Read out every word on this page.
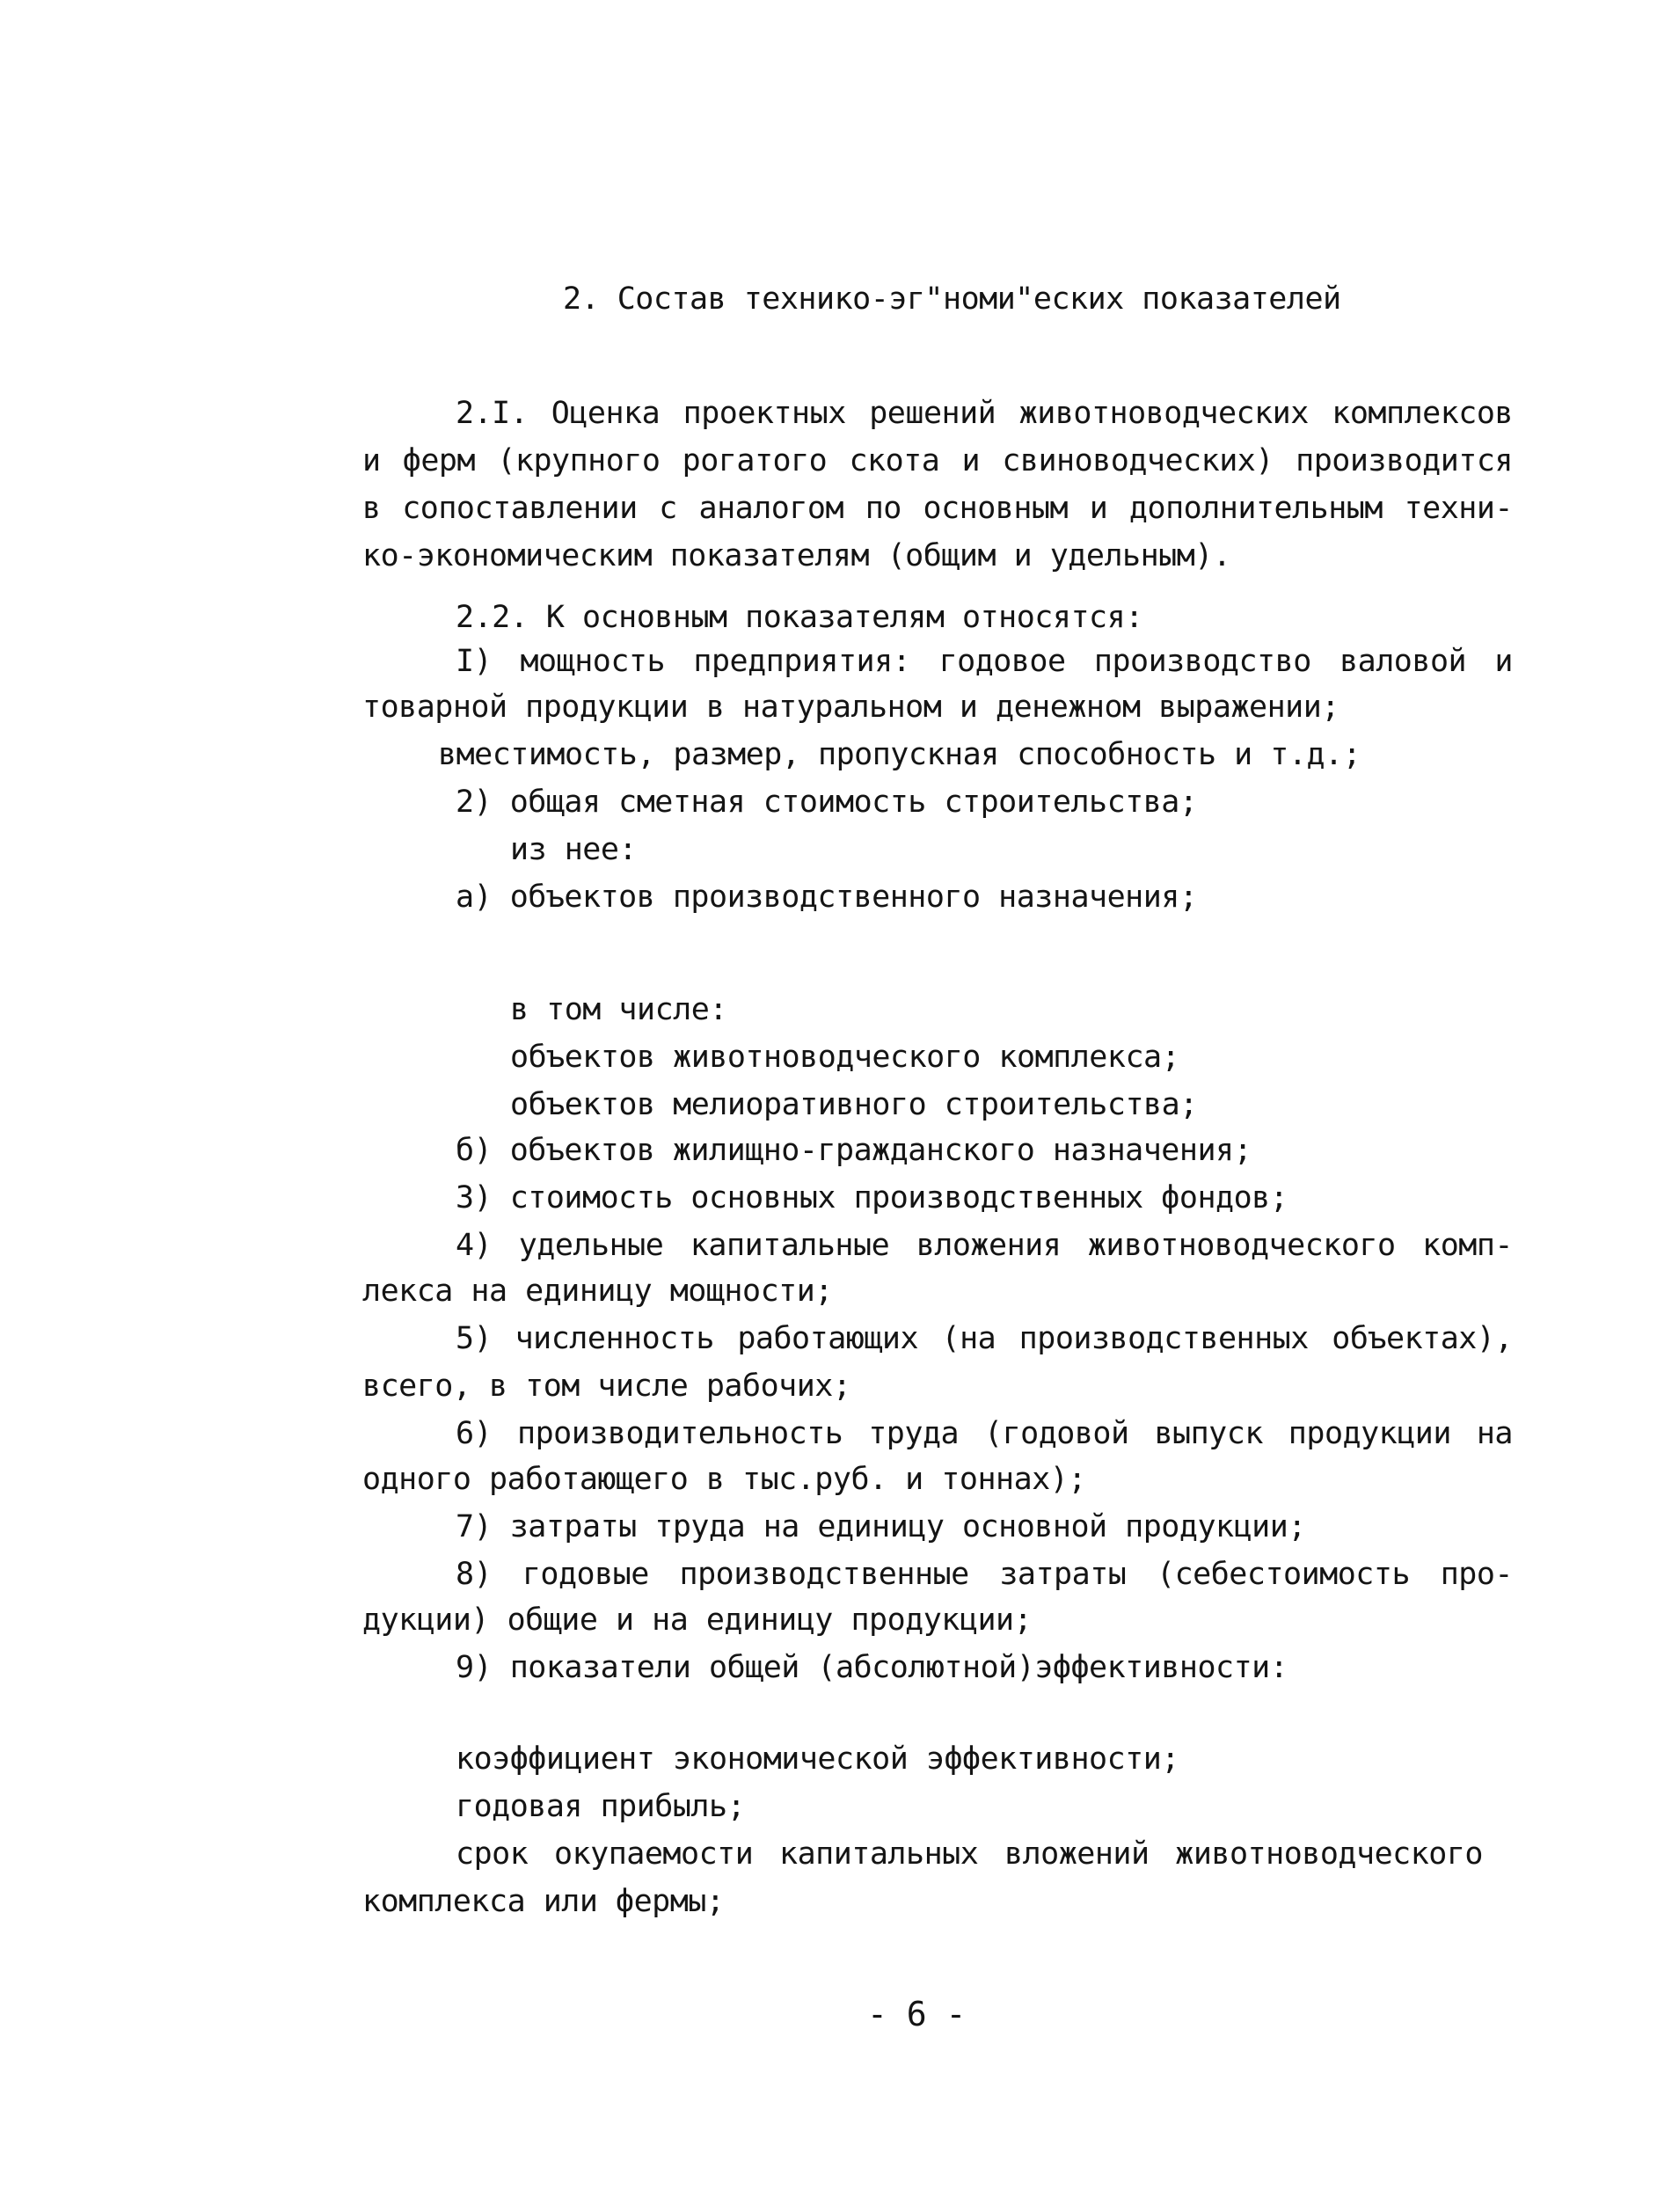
2. Состав технико-эг"номи"еских показателей
2.I. Оценка проектных решений животноводческих комплексов
и ферм (крупного рогатого скота и свиноводческих) производится
в сопоставлении с аналогом по основным и дополнительным техни-
ко-экономическим показателям (общим и удельным).
2.2. К основным показателям относятся:
I) мощность предприятия: годовое производство валовой и
товарной продукции в натуральном и денежном выражении;
вместимость, размер, пропускная способность и т.д.;
2) общая сметная стоимость строительства;
из нее:
а) объектов производственного назначения;
в том числе:
объектов животноводческого комплекса;
объектов мелиоративного строительства;
б) объектов жилищно-гражданского назначения;
3) стоимость основных производственных фондов;
4) удельные капитальные вложения животноводческого комп-
лекса на единицу мощности;
5) численность работающих (на производственных объектах),
всего, в том числе рабочих;
6) производительность труда (годовой выпуск продукции на
одного работающего в тыс.руб. и тоннах);
7) затраты труда на единицу основной продукции;
8) годовые производственные затраты (себестоимость про-
дукции) общие и на единицу продукции;
9) показатели общей (абсолютной)эффективности:
коэффициент экономической эффективности;
годовая прибыль;
срок окупаемости капитальных вложений животноводческого
комплекса или фермы;
- 6 -
